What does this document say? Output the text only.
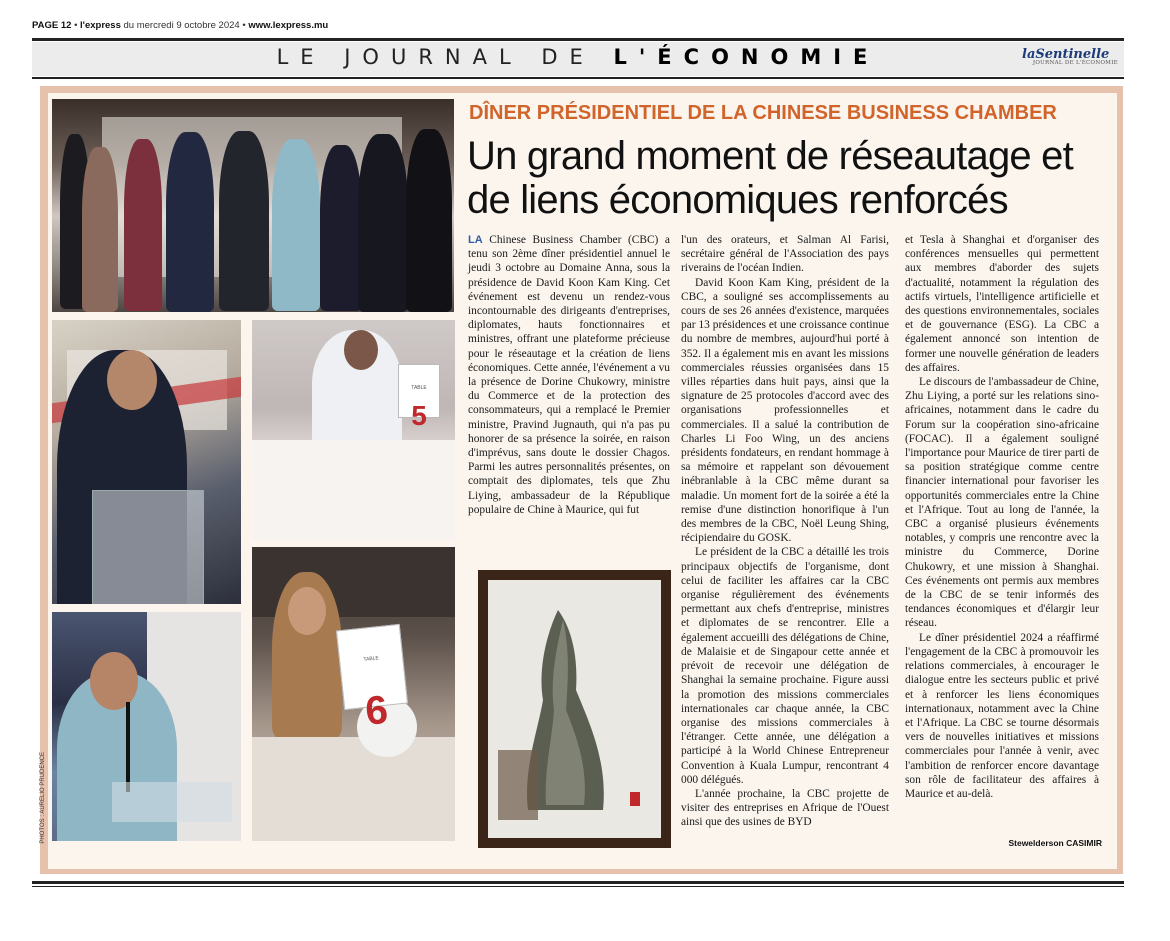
PAGE 12 • l'express du mercredi 9 octobre 2024 • www.lexpress.mu
LE JOURNAL DE L'ÉCONOMIE	laSentinelle
JOURNAL DE L'ÉCONOMIE
TABLE
5
TABLE
6
PHOTOS : AURELIO PRUDENCE
DÎNER PRÉSIDENTIEL DE LA CHINESE BUSINESS CHAMBER
Un grand moment de réseautage et de liens économiques renforcés

LA Chinese Business Chamber (CBC) a tenu son 2ème dîner présidentiel annuel le jeudi 3 octobre au Domaine Anna, sous la présidence de David Koon Kam King. Cet événement est devenu un rendez-vous incontournable des dirigeants d'entreprises, diplomates, hauts fonctionnaires et ministres, offrant une plateforme précieuse pour le réseautage et la création de liens économiques. Cette année, l'événement a vu la présence de Dorine Chukowry, ministre du Commerce et de la protection des consommateurs, qui a remplacé le Premier ministre, Pravind Jugnauth, qui n'a pas pu honorer de sa présence la soirée, en raison d'imprévus, sans doute le dossier Chagos. Parmi les autres personnalités présentes, on comptait des diplomates, tels que Zhu Liying, ambassadeur de la République populaire de Chine à Maurice, qui fut

l'un des orateurs, et Salman Al Farisi, secrétaire général de l'Association des pays riverains de l'océan Indien.

David Koon Kam King, président de la CBC, a souligné ses accomplissements au cours de ses 26 années d'existence, marquées par 13 présidences et une croissance continue du nombre de membres, aujourd'hui porté à 352. Il a également mis en avant les missions commerciales réussies organisées dans 15 villes réparties dans huit pays, ainsi que la signature de 25 protocoles d'accord avec des organisations professionnelles et commerciales. Il a salué la contribution de Charles Li Foo Wing, un des anciens présidents fondateurs, en rendant hommage à sa mémoire et rappelant son dévouement inébranlable à la CBC même durant sa maladie. Un moment fort de la soirée a été la remise d'une distinction honorifique à l'un des membres de la CBC, Noël Leung Shing, récipiendaire du GOSK.

Le président de la CBC a détaillé les trois principaux objectifs de l'organisme, dont celui de faciliter les affaires car la CBC organise régulièrement des événements permettant aux chefs d'entreprise, ministres et diplomates de se rencontrer. Elle a également accueilli des délégations de Chine, de Malaisie et de Singapour cette année et prévoit de recevoir une délégation de Shanghai la semaine prochaine. Figure aussi la promotion des missions commerciales internationales car chaque année, la CBC organise des missions commerciales à l'étranger. Cette année, une délégation a participé à la World Chinese Entrepreneur Convention à Kuala Lumpur, rencontrant 4 000 délégués.

L'année prochaine, la CBC projette de visiter des entreprises en Afrique de l'Ouest ainsi que des usines de BYD

et Tesla à Shanghai et d'organiser des conférences mensuelles qui permettent aux membres d'aborder des sujets d'actualité, notamment la régulation des actifs virtuels, l'intelligence artificielle et des questions environnementales, sociales et de gouvernance (ESG). La CBC a également annoncé son intention de former une nouvelle génération de leaders des affaires.

Le discours de l'ambassadeur de Chine, Zhu Liying, a porté sur les relations sino-africaines, notamment dans le cadre du Forum sur la coopération sino-africaine (FOCAC). Il a également souligné l'importance pour Maurice de tirer parti de sa position stratégique comme centre financier international pour favoriser les opportunités commerciales entre la Chine et l'Afrique. Tout au long de l'année, la CBC a organisé plusieurs événements notables, y compris une rencontre avec la ministre du Commerce, Dorine Chukowry, et une mission à Shanghai. Ces événements ont permis aux membres de la CBC de se tenir informés des tendances économiques et d'élargir leur réseau.

Le dîner présidentiel 2024 a réaffirmé l'engagement de la CBC à promouvoir les relations commerciales, à encourager le dialogue entre les secteurs public et privé et à renforcer les liens économiques internationaux, notamment avec la Chine et l'Afrique. La CBC se tourne désormais vers de nouvelles initiatives et missions commerciales pour l'année à venir, avec l'ambition de renforcer encore davantage son rôle de facilitateur des affaires à Maurice et au-delà.

Stewelderson CASIMIR
